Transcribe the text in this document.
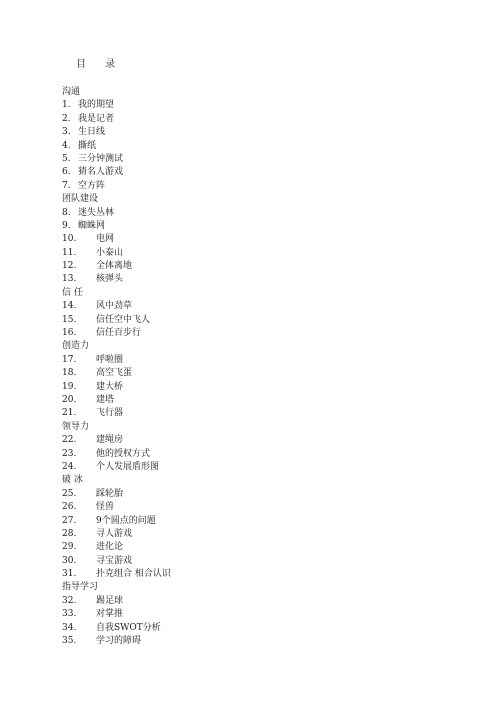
目 录
沟通
1. 我的期望
2. 我是记者
3. 生日线
4. 撕纸
5. 三分钟测试
6. 猜名人游戏
7. 空方阵
团队建设
8. 迷失丛林
9. 蜘蛛网
10. 电网
11. 小泰山
12. 全体离地
13. 核弹头
信 任
14. 风中劲草
15. 信任空中飞人
16. 信任百步行
创造力
17. 呼啦圈
18. 高空飞蛋
19. 建大桥
20. 建塔
21. 飞行器
领导力
22. 建绳房
23. 他的授权方式
24. 个人发展盾形图
破 冰
25. 踩轮胎
26. 怪兽
27. 9个圆点的问题
28. 寻人游戏
29. 进化论
30. 寻宝游戏
31. 扑克组合 相合认识
指导学习
32. 踢足球
33. 对掌推
34. 自我SWOT分析
35. 学习的障碍
